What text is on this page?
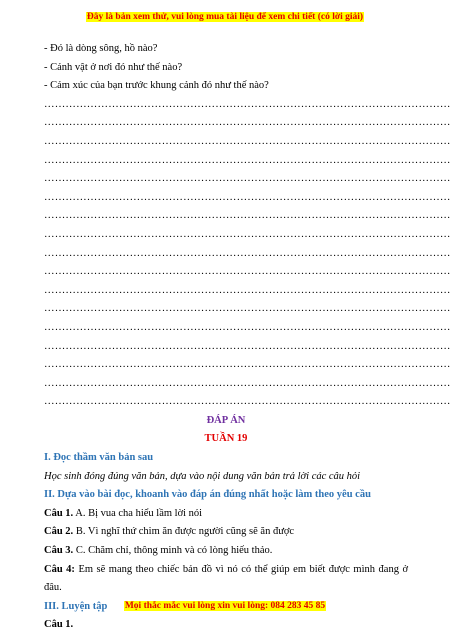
Đây là bản xem thử, vui lòng mua tài liệu để xem chi tiết (có lời giải)
- Đó là dòng sông, hồ nào?
- Cảnh vật ở nơi đó như thế nào?
- Cảm xúc của bạn trước khung cảnh đó như thế nào?
……………………………………………………………………………………………………
……………………………………………………………………………………………………
……………………………………………………………………………………………………
……………………………………………………………………………………………………
……………………………………………………………………………………………………
……………………………………………………………………………………………………
……………………………………………………………………………………………………
……………………………………………………………………………………………………
……………………………………………………………………………………………………
……………………………………………………………………………………………………
……………………………………………………………………………………………………
……………………………………………………………………………………………………
……………………………………………………………………………………………………
……………………………………………………………………………………………………
……………………………………………………………………………………………………
……………………………………………………………………………………………………
……………………………………………………………………………………………………
ĐÁP ÁN
TUẦN 19
I. Đọc thầm văn bản sau
Học sinh đóng đúng văn bản, dựa vào nội dung văn bản trả lời các câu hỏi
II. Dựa vào bài đọc, khoanh vào đáp án đúng nhất hoặc làm theo yêu cầu
Câu 1. A. Bị vua cha hiểu lầm lời nói
Câu 2. B. Vì nghĩ thứ chim ăn được người cũng sẽ ăn được
Câu 3. C. Chăm chỉ, thông minh và có lòng hiếu thảo.
Câu 4: Em sẽ mang theo chiếc bản đồ vì nó có thể giúp em biết được mình đang ở
đâu.
III. Luyện tập
Câu 1.
Mọi thắc mắc vui lòng xin vui lòng: 084 283 45 85
